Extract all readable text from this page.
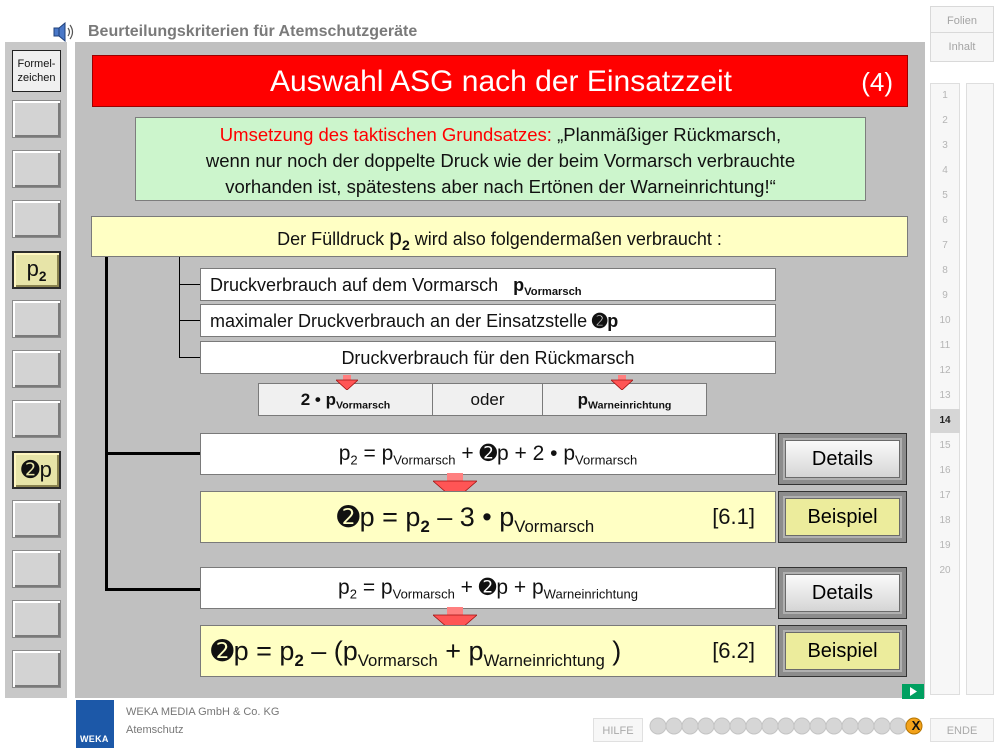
Beurteilungskriterien für Atemschutzgeräte
Folien
Inhalt
Formel-
zeichen
$p_2$
➋p
Auswahl ASG nach der Einsatzzeit	(4)
Umsetzung des taktischen Grundsatzes: „Planmäßiger Rückmarsch,
wenn nur noch der doppelte Druck wie der beim Vormarsch verbrauchte
vorhanden ist, spätestens aber nach Ertönen der Warneinrichtung!“
Der Fülldruck $p_2$ wird also folgendermaßen verbraucht :
Druckverbrauch auf dem Vormarsch $p_{Vormarsch}$
maximaler Druckverbrauch an der Einsatzstelle ➋p
Druckverbrauch für den Rückmarsch
2 • $p_{Vormarsch}$	oder	$p_{Warneinrichtung}$
$p_2 = p_{Vormarsch}$ + ➋p + 2 • $p_{Vormarsch}$	Details
➋p = $p_2 - 3$ • $p_{Vormarsch}$	[6.1]	Beispiel
$p_2 = p_{Vormarsch}$ + ➋p + $p_{Warneinrichtung}$	Details
➋p = $p_2 - (p_{Vormarsch} + p_{Warneinrichtung}$ )	[6.2]	Beispiel
1
2
3
4
5
6
7
8
9
10
11
12
13
14
15
16
17
18
19
20
WEKA
WEKA MEDIA GmbH & Co. KG
Atemschutz	HILFE	X	ENDE
